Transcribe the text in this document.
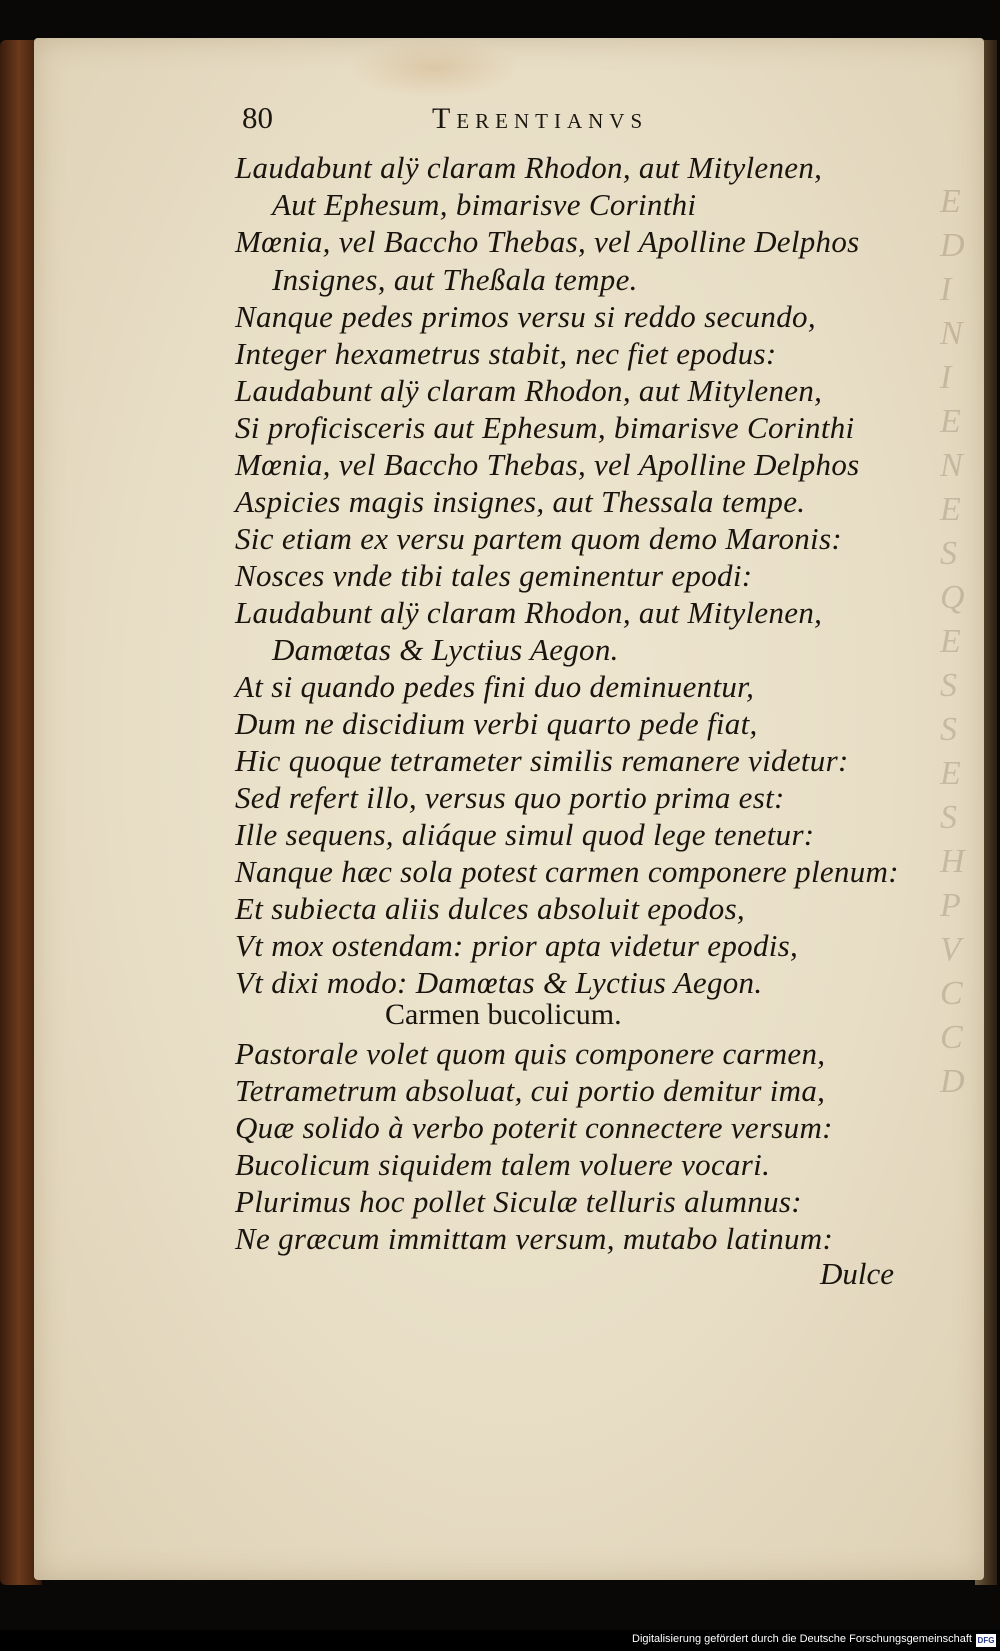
E
D
I
N
I
E
N
E
S
Q
E
S
S
E
S
H
P
V
C
C
D
80	Terentianvs
Laudabunt alÿ claram Rhodon, aut Mitylenen,
Aut Ephesum, bimarisve Corinthi
Mœnia, vel Baccho Thebas, vel Apolline Delphos
Insignes, aut Theßala tempe.
Nanque pedes primos versu si reddo secundo,
Integer hexametrus stabit, nec fiet epodus:
Laudabunt alÿ claram Rhodon, aut Mitylenen,
Si proficisceris aut Ephesum, bimarisve Corinthi
Mœnia, vel Baccho Thebas, vel Apolline Delphos
Aspicies magis insignes, aut Thessala tempe.
Sic etiam ex versu partem quom demo Maronis:
Nosces vnde tibi tales geminentur epodi:
Laudabunt alÿ claram Rhodon, aut Mitylenen,
Damœtas & Lyctius Aegon.
At si quando pedes fini duo deminuentur,
Dum ne discidium verbi quarto pede fiat,
Hic quoque tetrameter similis remanere videtur:
Sed refert illo, versus quo portio prima est:
Ille sequens, aliáque simul quod lege tenetur:
Nanque hæc sola potest carmen componere plenum:
Et subiecta aliis dulces absoluit epodos,
Vt mox ostendam: prior apta videtur epodis,
Vt dixi modo: Damœtas & Lyctius Aegon.
Carmen bucolicum.
Pastorale volet quom quis componere carmen,
Tetrametrum absoluat, cui portio demitur ima,
Quæ solido à verbo poterit connectere versum:
Bucolicum siquidem talem voluere vocari.
Plurimus hoc pollet Siculæ telluris alumnus:
Ne græcum immittam versum, mutabo latinum:
Dulce
Digitalisierung gefördert durch die Deutsche Forschungsgemeinschaft DFG
